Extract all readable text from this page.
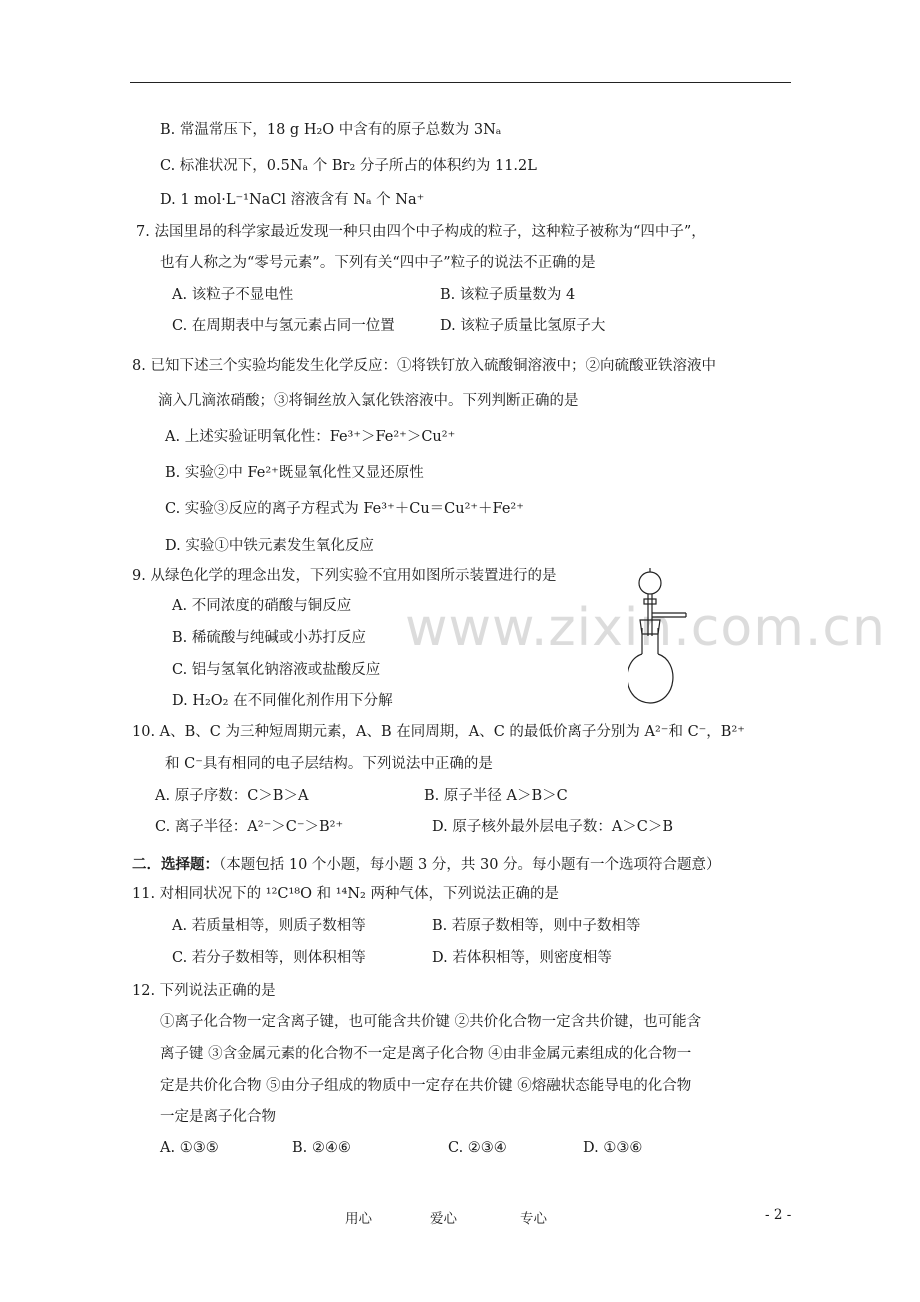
www.zixin.com.cn
B. 常温常压下，18 g H₂O 中含有的原子总数为 3Nₐ
C. 标准状况下，0.5Nₐ 个 Br₂ 分子所占的体积约为 11.2L
D. 1 mol·L⁻¹NaCl 溶液含有 Nₐ 个 Na⁺
7. 法国里昂的科学家最近发现一种只由四个中子构成的粒子，这种粒子被称为“四中子”，
也有人称之为“零号元素”。下列有关“四中子”粒子的说法不正确的是
A. 该粒子不显电性	B. 该粒子质量数为 4
C. 在周期表中与氢元素占同一位置	D. 该粒子质量比氢原子大
8. 已知下述三个实验均能发生化学反应：①将铁钉放入硫酸铜溶液中；②向硫酸亚铁溶液中
滴入几滴浓硝酸；③将铜丝放入氯化铁溶液中。下列判断正确的是
A. 上述实验证明氧化性：Fe³⁺＞Fe²⁺＞Cu²⁺
B. 实验②中 Fe²⁺既显氧化性又显还原性
C. 实验③反应的离子方程式为 Fe³⁺＋Cu＝Cu²⁺＋Fe²⁺
D. 实验①中铁元素发生氧化反应
9. 从绿色化学的理念出发，下列实验不宜用如图所示装置进行的是
A. 不同浓度的硝酸与铜反应
B. 稀硫酸与纯碱或小苏打反应
C. 铝与氢氧化钠溶液或盐酸反应
D. H₂O₂ 在不同催化剂作用下分解
10. A、B、C 为三种短周期元素，A、B 在同周期，A、C 的最低价离子分别为 A²⁻和 C⁻，B²⁺
和 C⁻具有相同的电子层结构。下列说法中正确的是
A. 原子序数：C＞B＞A	B. 原子半径 A＞B＞C
C. 离子半径：A²⁻＞C⁻＞B²⁺	D. 原子核外最外层电子数：A＞C＞B
二．选择题：（本题包括 10 个小题，每小题 3 分，共 30 分。每小题有一个选项符合题意）
11. 对相同状况下的 ¹²C¹⁸O 和 ¹⁴N₂ 两种气体，下列说法正确的是
A. 若质量相等，则质子数相等	B. 若原子数相等，则中子数相等
C. 若分子数相等，则体积相等	D. 若体积相等，则密度相等
12. 下列说法正确的是
①离子化合物一定含离子键，也可能含共价键 ②共价化合物一定含共价键，也可能含
离子键 ③含金属元素的化合物不一定是离子化合物 ④由非金属元素组成的化合物一
定是共价化合物 ⑤由分子组成的物质中一定存在共价键 ⑥熔融状态能导电的化合物
一定是离子化合物
A. ①③⑤	B. ②④⑥	C. ②③④	D. ①③⑥
用心	爱心	专心	- 2 -
